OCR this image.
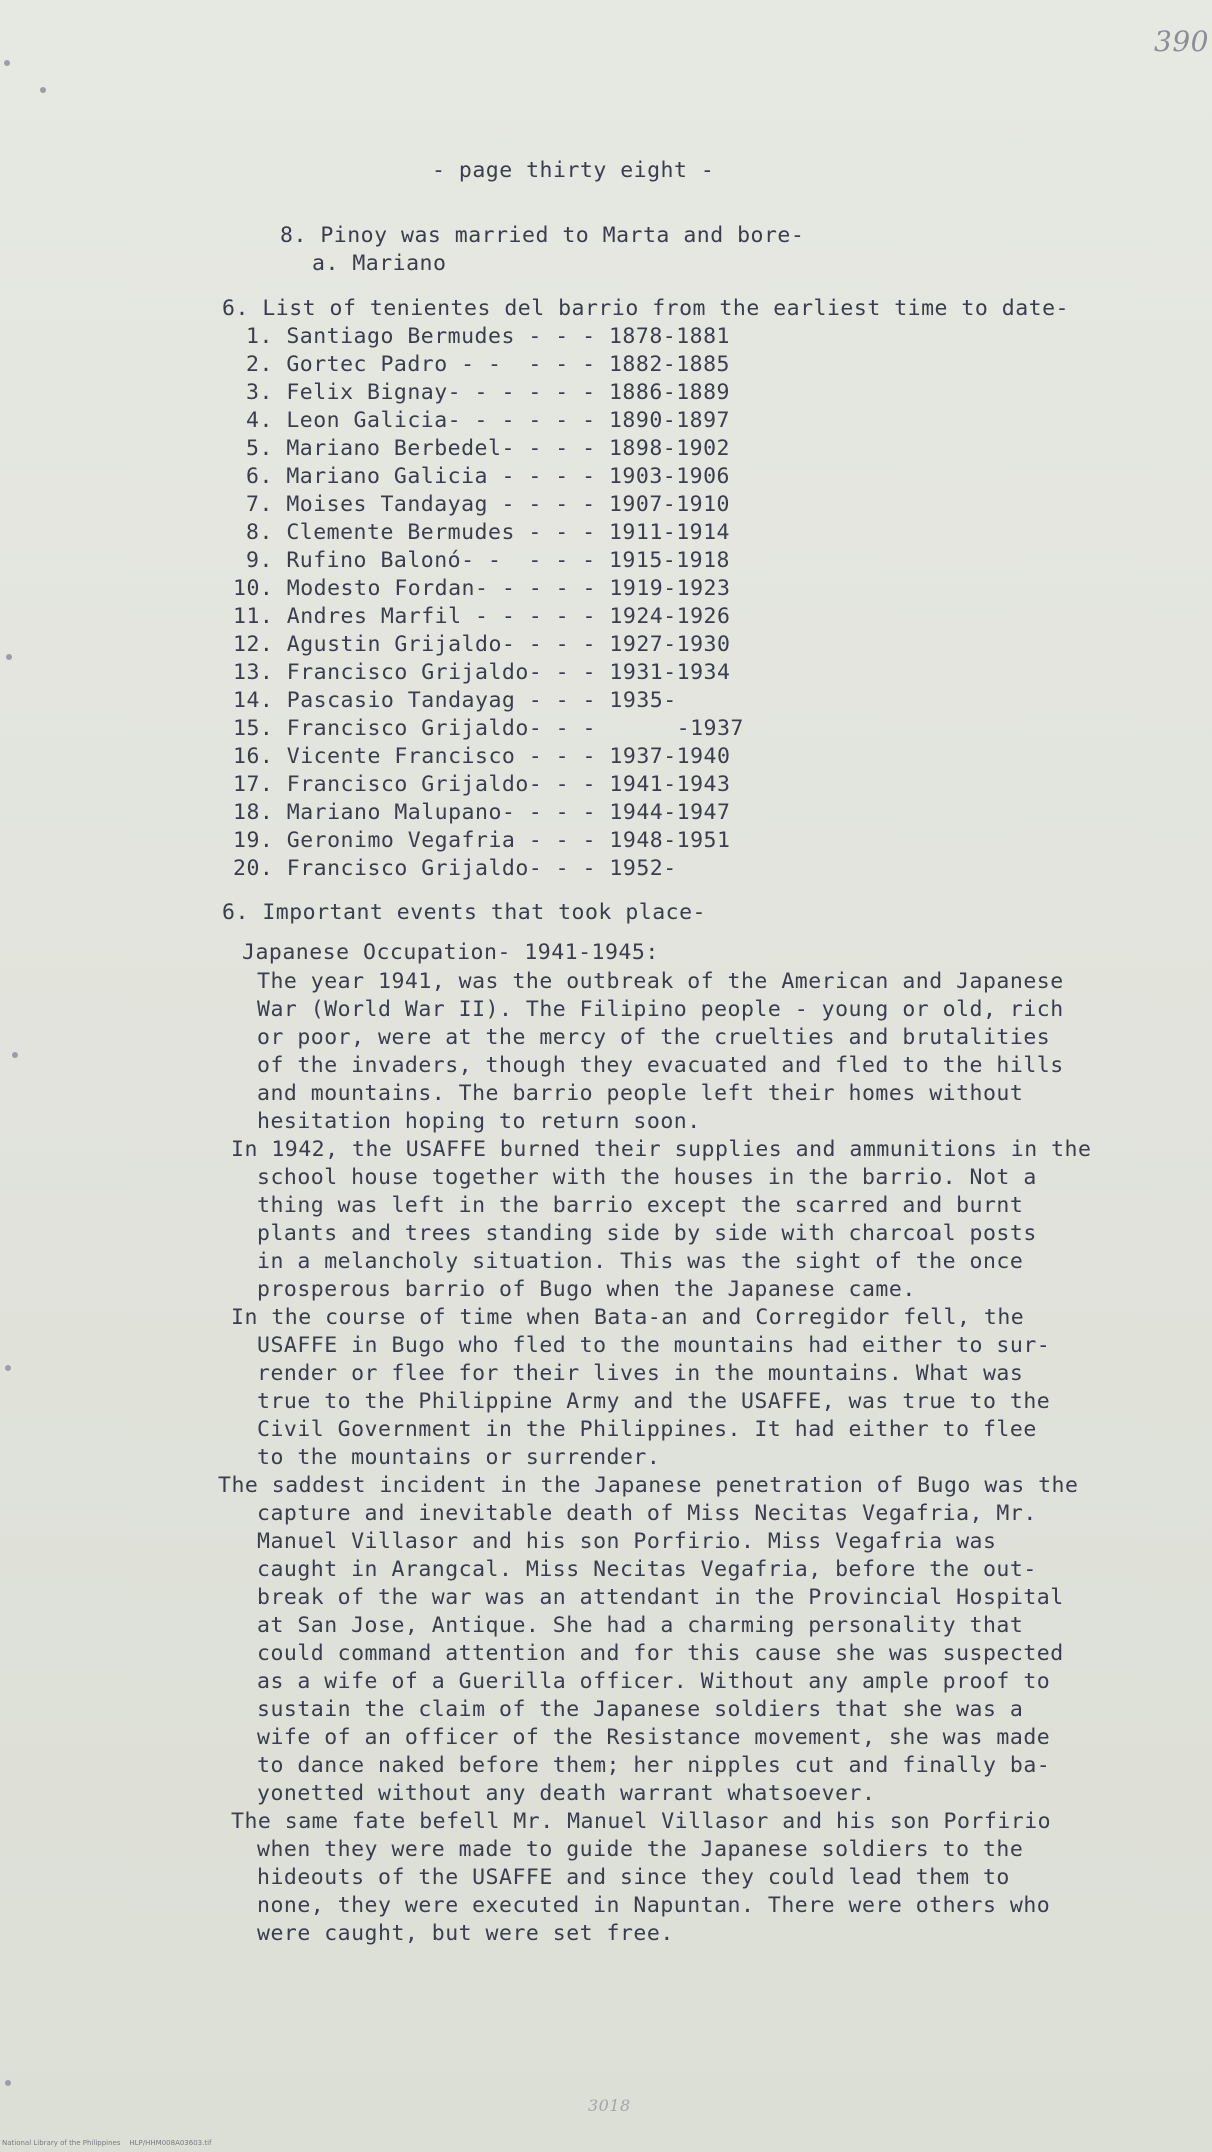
390
- page thirty eight -
8. Pinoy was married to Marta and bore-
a. Mariano
6. List of tenientes del barrio from the earliest time to date-
1. Santiago Bermudes - - - 1878-1881
2. Gortec Padro - -  - - - 1882-1885
3. Felix Bignay- - - - - - 1886-1889
4. Leon Galicia- - - - - - 1890-1897
5. Mariano Berbedel- - - - 1898-1902
6. Mariano Galicia - - - - 1903-1906
7. Moises Tandayag - - - - 1907-1910
8. Clemente Bermudes - - - 1911-1914
9. Rufino Balonó- -  - - - 1915-1918
10. Modesto Fordan- - - - - 1919-1923
11. Andres Marfil - - - - - 1924-1926
12. Agustin Grijaldo- - - - 1927-1930
13. Francisco Grijaldo- - - 1931-1934
14. Pascasio Tandayag - - - 1935-
15. Francisco Grijaldo- - -      -1937
16. Vicente Francisco - - - 1937-1940
17. Francisco Grijaldo- - - 1941-1943
18. Mariano Malupano- - - - 1944-1947
19. Geronimo Vegafria - - - 1948-1951
20. Francisco Grijaldo- - - 1952-
6. Important events that took place-
Japanese Occupation- 1941-1945:
The year 1941, was the outbreak of the American and Japanese
War (World War II). The Filipino people - young or old, rich
or poor, were at the mercy of the cruelties and brutalities
of the invaders, though they evacuated and fled to the hills
and mountains. The barrio people left their homes without
hesitation hoping to return soon.
In 1942, the USAFFE burned their supplies and ammunitions in the
school house together with the houses in the barrio. Not a
thing was left in the barrio except the scarred and burnt
plants and trees standing side by side with charcoal posts
in a melancholy situation. This was the sight of the once
prosperous barrio of Bugo when the Japanese came.
In the course of time when Bata-an and Corregidor fell, the
USAFFE in Bugo who fled to the mountains had either to sur-
render or flee for their lives in the mountains. What was
true to the Philippine Army and the USAFFE, was true to the
Civil Government in the Philippines. It had either to flee
to the mountains or surrender.
The saddest incident in the Japanese penetration of Bugo was the
capture and inevitable death of Miss Necitas Vegafria, Mr.
Manuel Villasor and his son Porfirio. Miss Vegafria was
caught in Arangcal. Miss Necitas Vegafria, before the out-
break of the war was an attendant in the Provincial Hospital
at San Jose, Antique. She had a charming personality that
could command attention and for this cause she was suspected
as a wife of a Guerilla officer. Without any ample proof to
sustain the claim of the Japanese soldiers that she was a
wife of an officer of the Resistance movement, she was made
to dance naked before them; her nipples cut and finally ba-
yonetted without any death warrant whatsoever.
The same fate befell Mr. Manuel Villasor and his son Porfirio
when they were made to guide the Japanese soldiers to the
hideouts of the USAFFE and since they could lead them to
none, they were executed in Napuntan. There were others who
were caught, but were set free.
3018
National Library of the Philippines    HLP/HHM008A03603.tif
